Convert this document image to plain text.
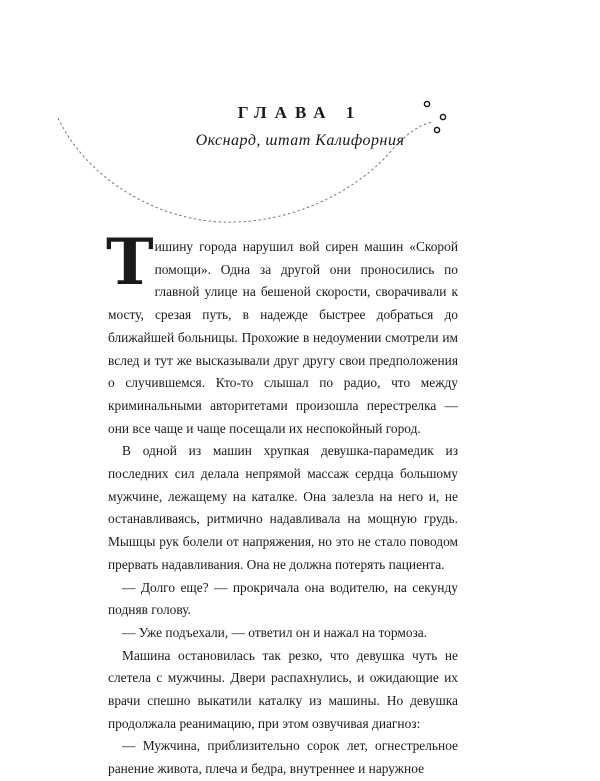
ГЛАВА 1
Окснард, штат Калифорния

Тишину города нарушил вой сирен машин «Скорой помощи». Одна за другой они проносились по главной улице на бешеной скорости, сворачивали к мосту, срезая путь, в надежде быстрее добраться до ближайшей больницы. Прохожие в недоумении смотрели им вслед и тут же высказывали друг другу свои предположения о случившемся. Кто-то слышал по радио, что между криминальными авторитетами произошла перестрелка — они все чаще и чаще посещали их неспокойный город.

В одной из машин хрупкая девушка-парамедик из последних сил делала непрямой массаж сердца большому мужчине, лежащему на каталке. Она залезла на него и, не останавливаясь, ритмично надавливала на мощную грудь. Мышцы рук болели от напряжения, но это не стало поводом прервать надавливания. Она не должна потерять пациента.

— Долго еще? — прокричала она водителю, на секунду подняв голову.

— Уже подъехали, — ответил он и нажал на тормоза.

Машина остановилась так резко, что девушка чуть не слетела с мужчины. Двери распахнулись, и ожидающие их врачи спешно выкатили каталку из машины. Но девушка продолжала реанимацию, при этом озвучивая диагноз:

— Мужчина, приблизительно сорок лет, огнестрельное ранение живота, плеча и бедра, внутреннее и наружное
